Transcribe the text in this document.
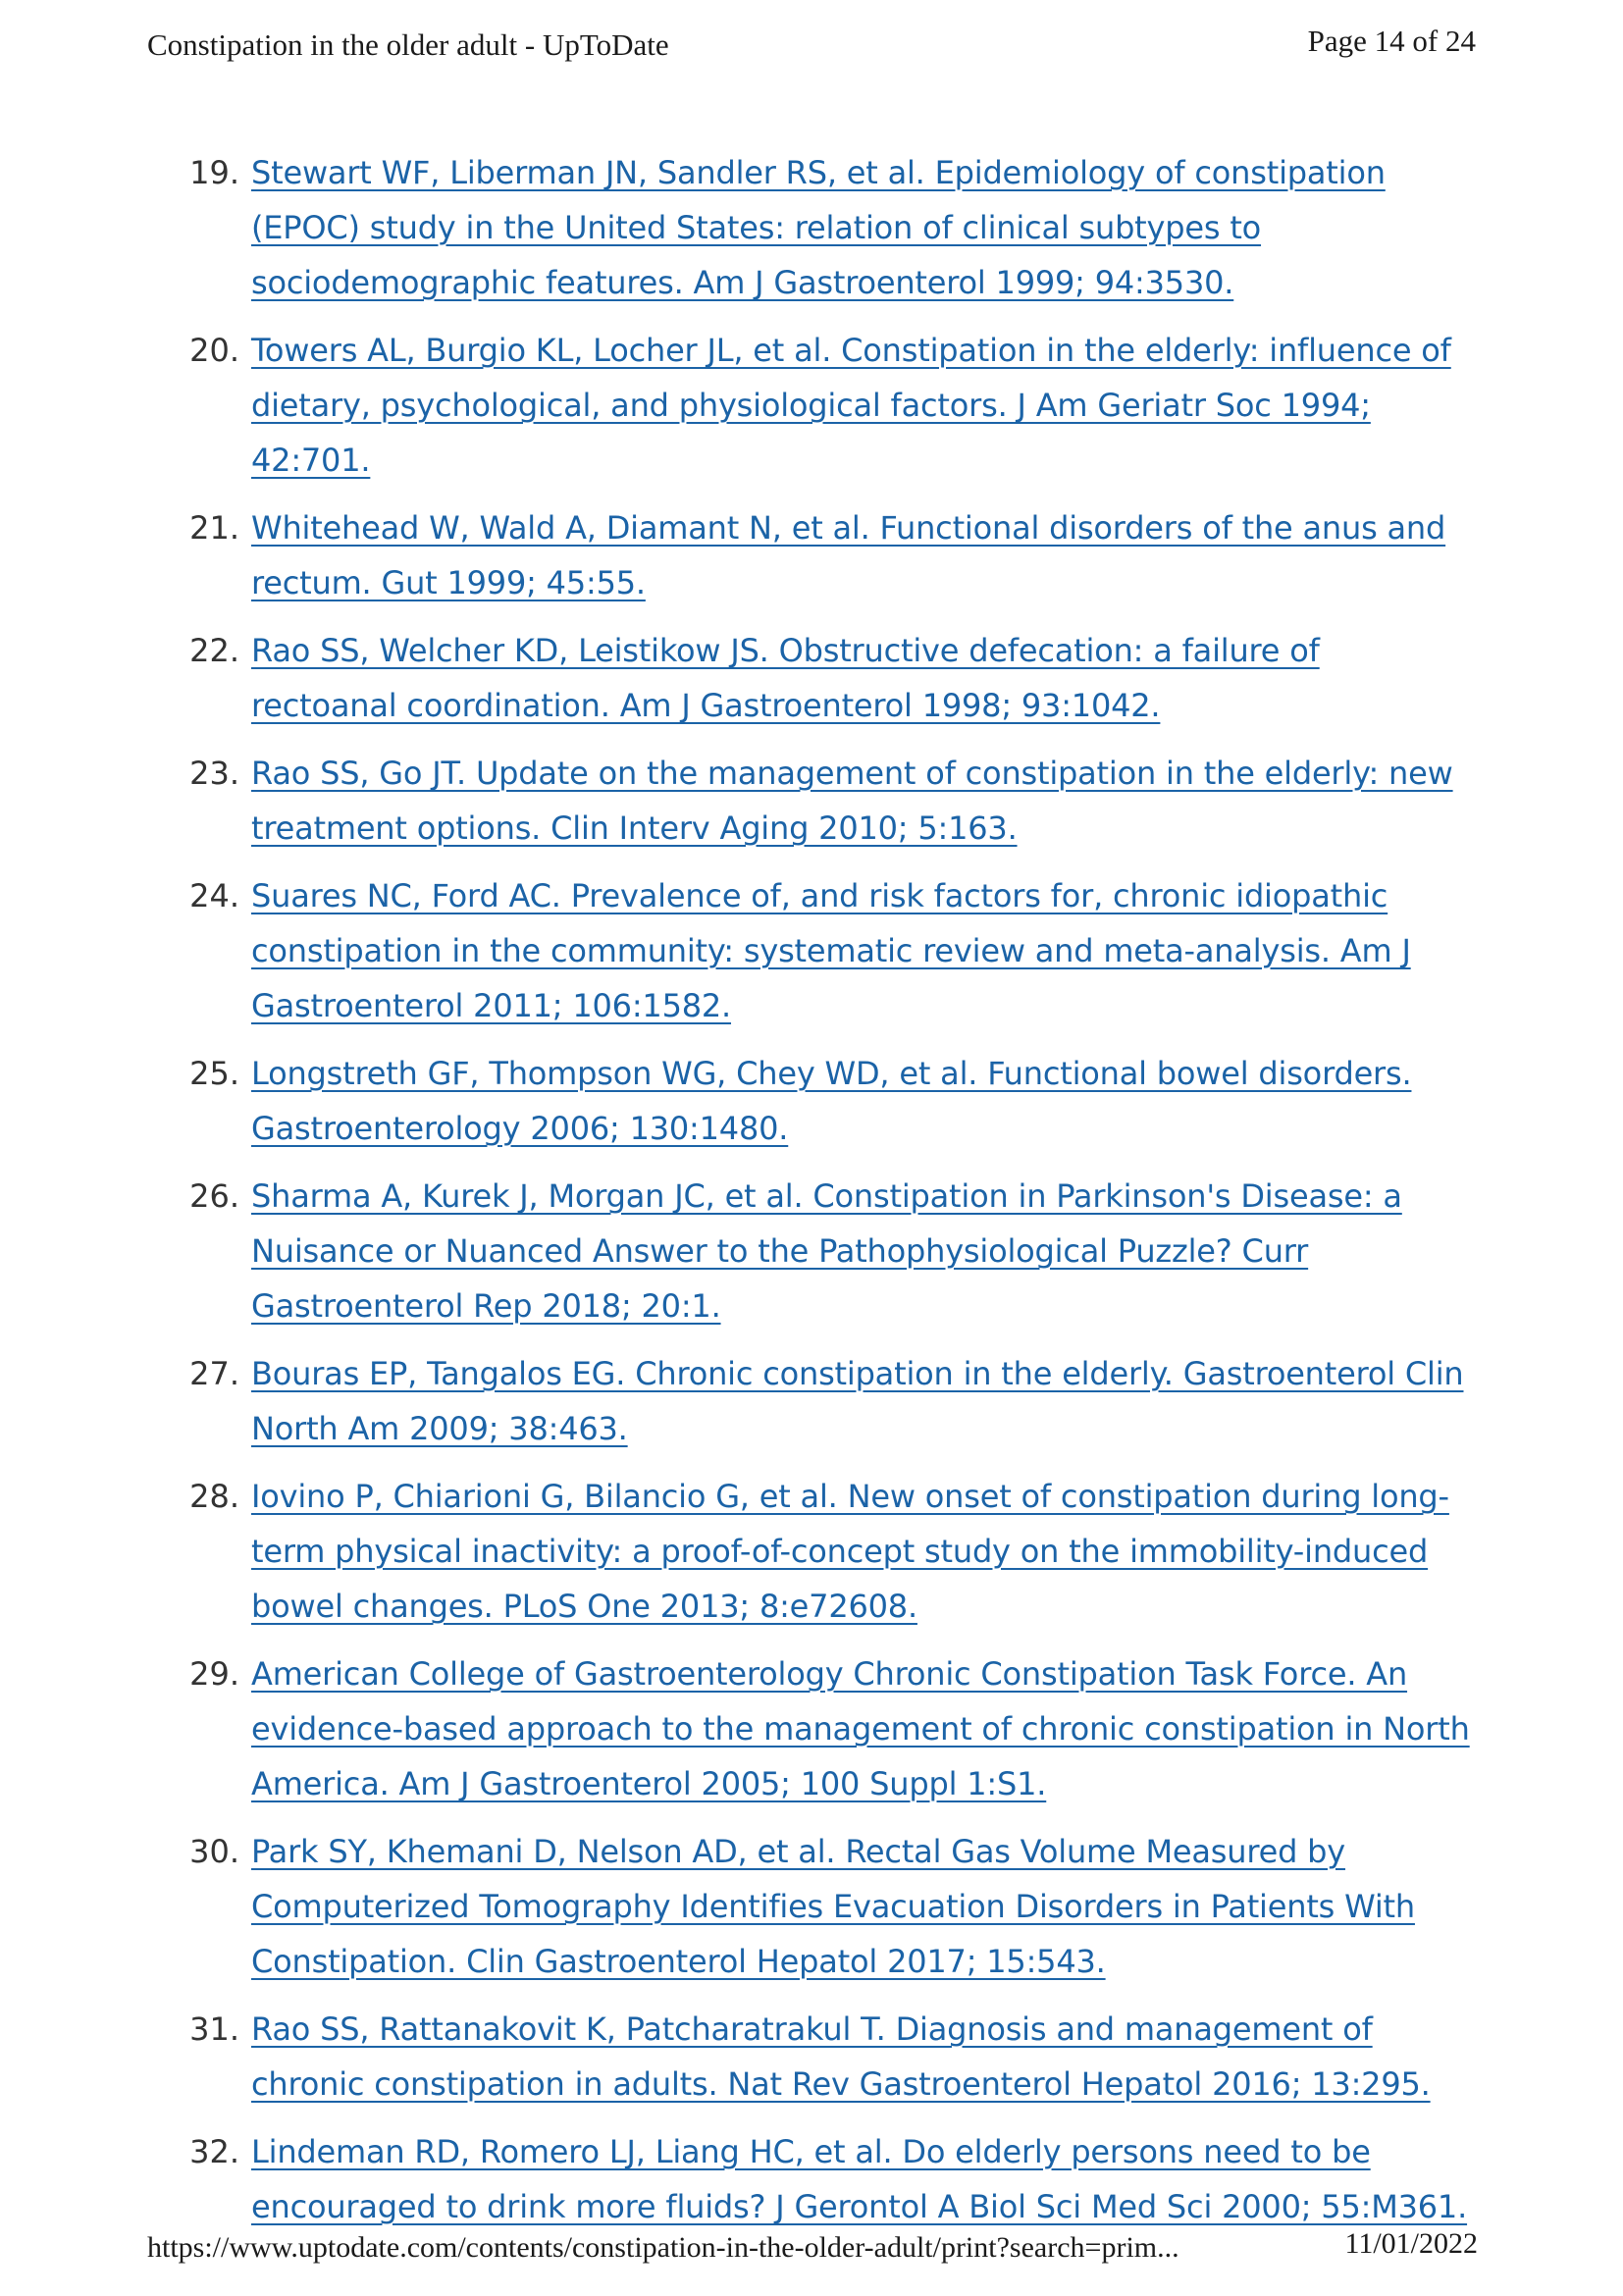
Constipation in the older adult - UpToDate	Page 14 of 24
19. Stewart WF, Liberman JN, Sandler RS, et al. Epidemiology of constipation (EPOC) study in the United States: relation of clinical subtypes to sociodemographic features. Am J Gastroenterol 1999; 94:3530.
20. Towers AL, Burgio KL, Locher JL, et al. Constipation in the elderly: influence of dietary, psychological, and physiological factors. J Am Geriatr Soc 1994; 42:701.
21. Whitehead W, Wald A, Diamant N, et al. Functional disorders of the anus and rectum. Gut 1999; 45:55.
22. Rao SS, Welcher KD, Leistikow JS. Obstructive defecation: a failure of rectoanal coordination. Am J Gastroenterol 1998; 93:1042.
23. Rao SS, Go JT. Update on the management of constipation in the elderly: new treatment options. Clin Interv Aging 2010; 5:163.
24. Suares NC, Ford AC. Prevalence of, and risk factors for, chronic idiopathic constipation in the community: systematic review and meta-analysis. Am J Gastroenterol 2011; 106:1582.
25. Longstreth GF, Thompson WG, Chey WD, et al. Functional bowel disorders. Gastroenterology 2006; 130:1480.
26. Sharma A, Kurek J, Morgan JC, et al. Constipation in Parkinson's Disease: a Nuisance or Nuanced Answer to the Pathophysiological Puzzle? Curr Gastroenterol Rep 2018; 20:1.
27. Bouras EP, Tangalos EG. Chronic constipation in the elderly. Gastroenterol Clin North Am 2009; 38:463.
28. Iovino P, Chiarioni G, Bilancio G, et al. New onset of constipation during long-term physical inactivity: a proof-of-concept study on the immobility-induced bowel changes. PLoS One 2013; 8:e72608.
29. American College of Gastroenterology Chronic Constipation Task Force. An evidence-based approach to the management of chronic constipation in North America. Am J Gastroenterol 2005; 100 Suppl 1:S1.
30. Park SY, Khemani D, Nelson AD, et al. Rectal Gas Volume Measured by Computerized Tomography Identifies Evacuation Disorders in Patients With Constipation. Clin Gastroenterol Hepatol 2017; 15:543.
31. Rao SS, Rattanakovit K, Patcharatrakul T. Diagnosis and management of chronic constipation in adults. Nat Rev Gastroenterol Hepatol 2016; 13:295.
32. Lindeman RD, Romero LJ, Liang HC, et al. Do elderly persons need to be encouraged to drink more fluids? J Gerontol A Biol Sci Med Sci 2000; 55:M361.
https://www.uptodate.com/contents/constipation-in-the-older-adult/print?search=prim...	11/01/2022
